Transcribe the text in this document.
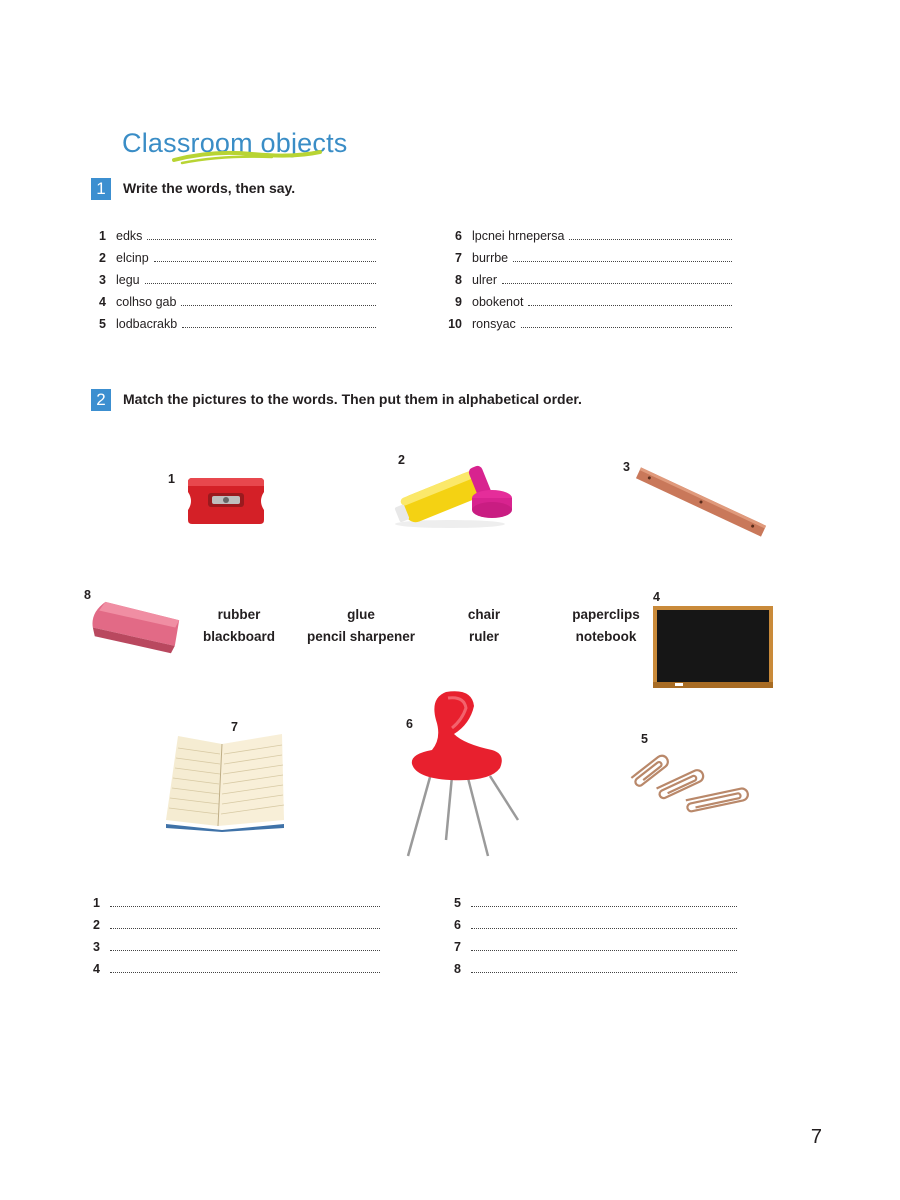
Classroom objects
1	Write the words, then say.

1 edks
2 elcinp
3 legu
4 colhso gab
5 lodbacrakb
6 lpcnei hrnepersa
7 burrbe
8 ulrer
9 obokenot
10 ronsyac
2	Match the pictures to the words. Then put them in alphabetical order.

1
2	3
8
rubber	glue	chair	paperclips
blackboard	pencil sharpener	ruler	notebook
4
7	6
5
1
2
3
4
5
6
7
8
7
